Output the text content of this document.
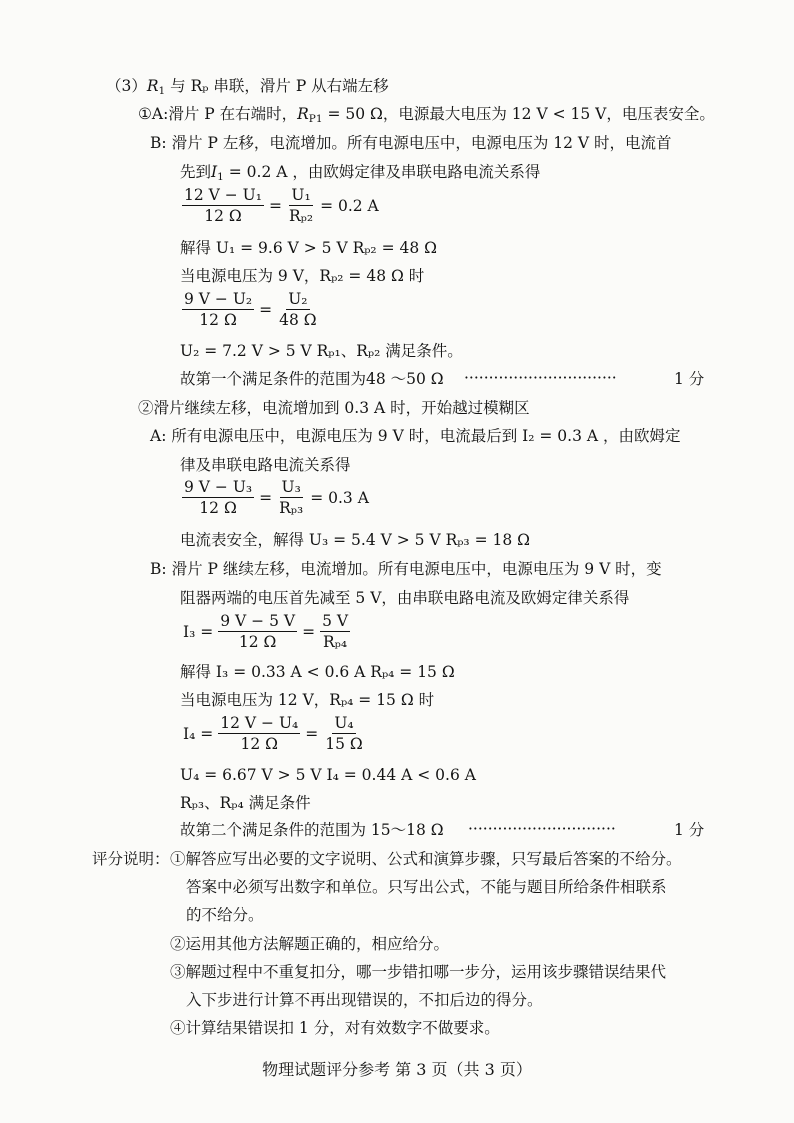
$(3)R_1$ 与 Rₚ 串联，滑片 P 从右端左移
①A:滑片 P 在右端时，$R_{P1} = 50$ Ω，电源最大电压为 12 V < 15 V，电压表安全。
B: 滑片 P 左移，电流增加。所有电源电压中，电源电压为 12 V 时，电流首
先到$I_1 = 0.2$ A ，由欧姆定律及串联电路电流关系得
$\frac{\text{12 V − U₁}}{12 \Omega} = \frac{\text{U₁}}{\text{Rₚ₂}} = 0.2$ A
解得 U₁ = 9.6 V > 5 V Rₚ₂ = 48 Ω
当电源电压为 9 V，Rₚ₂ = 48 Ω 时
$\frac{\text{9 V − U₂}}{12 \Omega} = \frac{\text{U₂}}{48 \Omega}$
U₂ = 7.2 V > 5 V Rₚ₁、Rₚ₂ 满足条件。
故第一个满足条件的范围为48 ～50 Ω ·······························	1 分
②滑片继续左移，电流增加到 0.3 A 时，开始越过模糊区
A: 所有电源电压中，电源电压为 9 V 时，电流最后到 I₂ = 0.3 A ，由欧姆定
律及串联电路电流关系得
$\frac{\text{9 V − U₃}}{12 \Omega} = \frac{\text{U₃}}{\text{Rₚ₃}} = 0.3$ A
电流表安全，解得 U₃ = 5.4 V > 5 V Rₚ₃ = 18 Ω
B: 滑片 P 继续左移，电流增加。所有电源电压中，电源电压为 9 V 时，变
阻器两端的电压首先减至 5 V，由串联电路电流及欧姆定律关系得
$I_3 = \frac{9 V - 5 V}{12 \Omega} = \frac{5 V}{\text{Rₚ₄}}$
解得 I₃ = 0.33 A < 0.6 A Rₚ₄ = 15 Ω
当电源电压为 12 V，Rₚ₄ = 15 Ω 时
$I_4 = \frac{\text{12 V − U₄}}{12 \Omega} = \frac{\text{U₄}}{15 \Omega}$
U₄ = 6.67 V > 5 V I₄ = 0.44 A < 0.6 A
Rₚ₃、Rₚ₄ 满足条件
故第二个满足条件的范围为 15～18 Ω ······························	1 分
评分说明： ①解答应写出必要的文字说明、公式和演算步骤，只写最后答案的不给分。
答案中必须写出数字和单位。只写出公式，不能与题目所给条件相联系
的不给分。
②运用其他方法解题正确的，相应给分。
③解题过程中不重复扣分，哪一步错扣哪一步分，运用该步骤错误结果代
入下步进行计算不再出现错误的，不扣后边的得分。
④计算结果错误扣 1 分，对有效数字不做要求。
物理试题评分参考 第 3 页（共 3 页）
